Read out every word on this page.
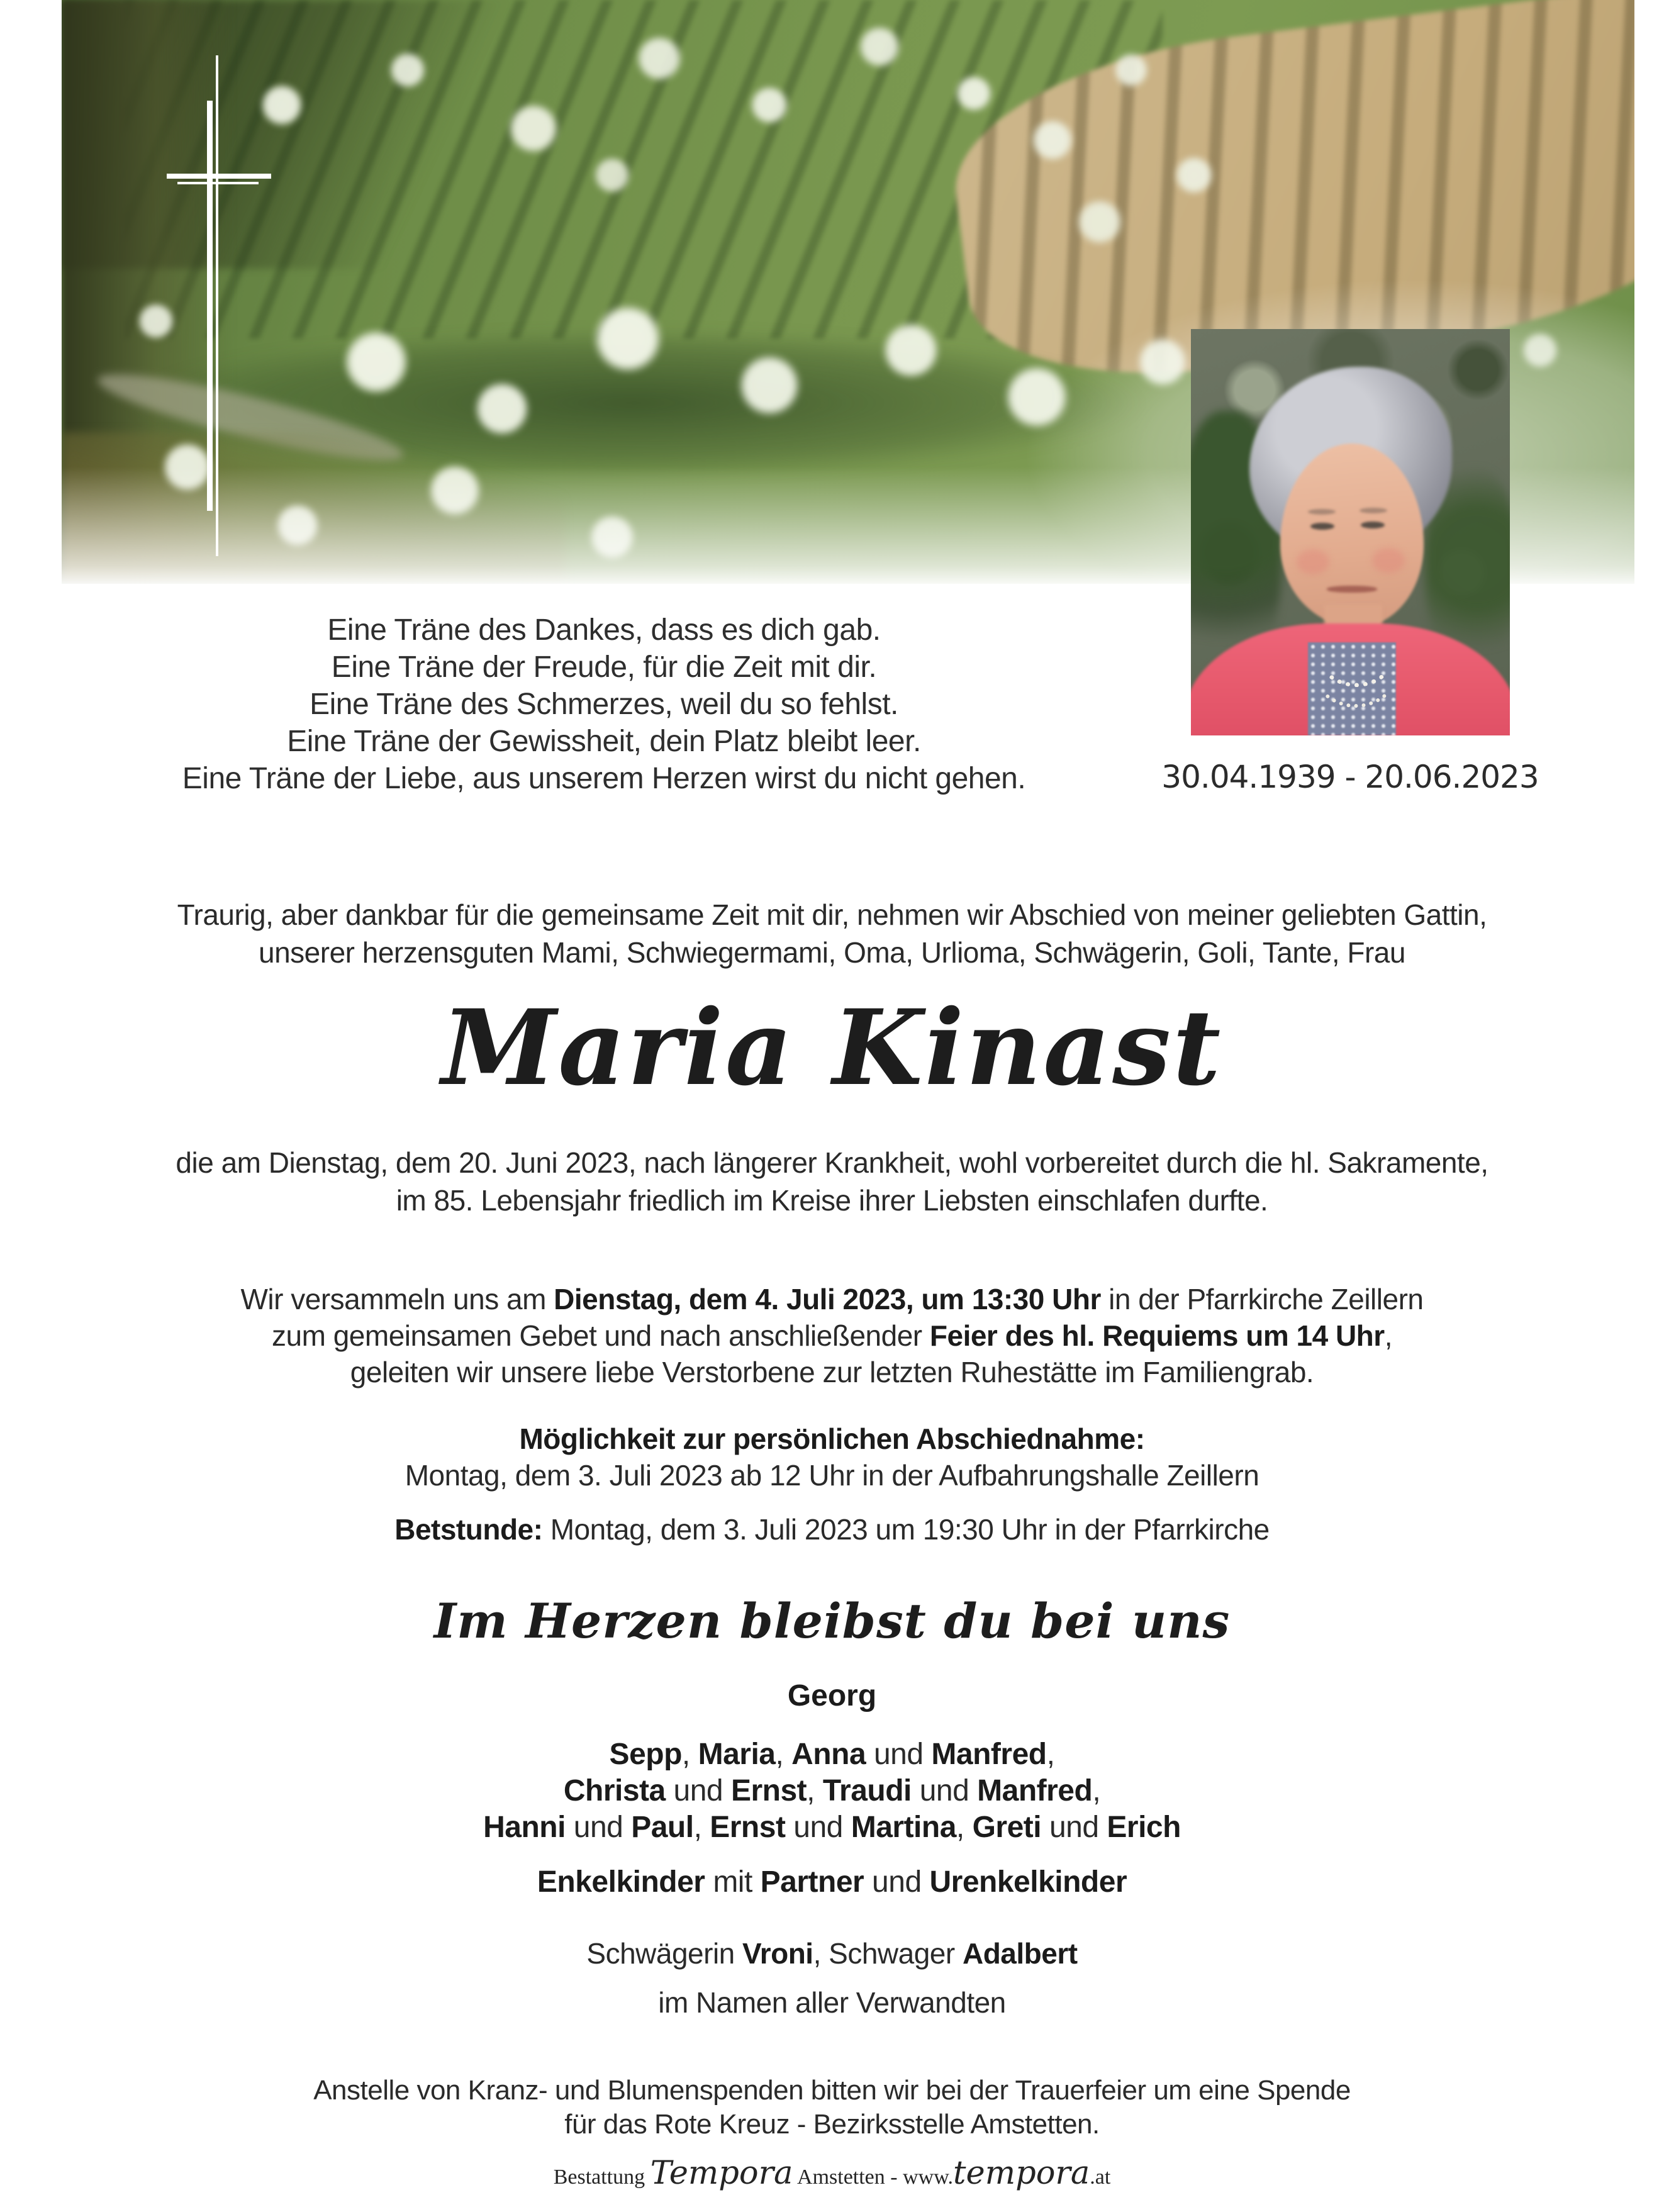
Eine Träne des Dankes, dass es dich gab.
Eine Träne der Freude, für die Zeit mit dir.
Eine Träne des Schmerzes, weil du so fehlst.
Eine Träne der Gewissheit, dein Platz bleibt leer.
Eine Träne der Liebe, aus unserem Herzen wirst du nicht gehen.	30.04.1939 - 20.06.2023
Traurig, aber dankbar für die gemeinsame Zeit mit dir, nehmen wir Abschied von meiner geliebten Gattin,
unserer herzensguten Mami, Schwiegermami, Oma, Urlioma, Schwägerin, Goli, Tante, Frau
Maria Kinast
die am Dienstag, dem 20. Juni 2023, nach längerer Krankheit, wohl vorbereitet durch die hl. Sakramente,
im 85. Lebensjahr friedlich im Kreise ihrer Liebsten einschlafen durfte.
Wir versammeln uns am Dienstag, dem 4. Juli 2023, um 13:30 Uhr in der Pfarrkirche Zeillern
zum gemeinsamen Gebet und nach anschließender Feier des hl. Requiems um 14 Uhr,
geleiten wir unsere liebe Verstorbene zur letzten Ruhestätte im Familiengrab.
Möglichkeit zur persönlichen Abschiednahme:
Montag, dem 3. Juli 2023 ab 12 Uhr in der Aufbahrungshalle Zeillern
Betstunde: Montag, dem 3. Juli 2023 um 19:30 Uhr in der Pfarrkirche
Im Herzen bleibst du bei uns
Georg
Sepp, Maria, Anna und Manfred,
Christa und Ernst, Traudi und Manfred,
Hanni und Paul, Ernst und Martina, Greti und Erich
Enkelkinder mit Partner und Urenkelkinder
Schwägerin Vroni, Schwager Adalbert
im Namen aller Verwandten
Anstelle von Kranz- und Blumenspenden bitten wir bei der Trauerfeier um eine Spende
für das Rote Kreuz - Bezirksstelle Amstetten.
Bestattung Tempora Amstetten - www.tempora.at
